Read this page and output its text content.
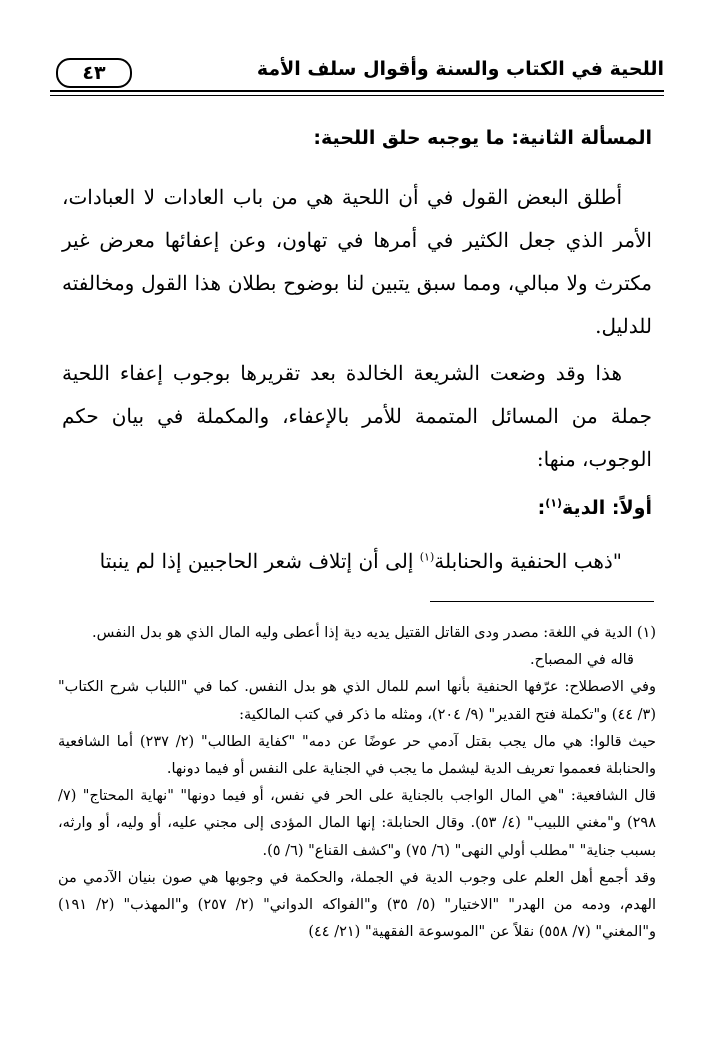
اللحية في الكتاب والسنة وأقوال سلف الأمة
٤٣
المسألة الثانية: ما يوجبه حلق اللحية:
أطلق البعض القول في أن اللحية هي من باب العادات لا العبادات، الأمر الذي جعل الكثير في أمرها في تهاون، وعن إعفائها معرض غير مكترث ولا مبالي، ومما سبق يتبين لنا بوضوح بطلان هذا القول ومخالفته للدليل.
هذا وقد وضعت الشريعة الخالدة بعد تقريرها بوجوب إعفاء اللحية جملة من المسائل المتممة للأمر بالإعفاء، والمكملة في بيان حكم الوجوب، منها:
أولاً: الدية$^{(١)}$:
"ذهب الحنفية والحنابلة$^{(١)}$ إلى أن إتلاف شعر الحاجبين إذا لم ينبتا

(١) الدية في اللغة: مصدر ودى القاتل القتيل يديه دية إذا أعطى وليه المال الذي هو بدل النفس.

قاله في المصباح.

وفي الاصطلاح: عرّفها الحنفية بأنها اسم للمال الذي هو بدل النفس. كما في "اللباب شرح الكتاب" (٣/ ٤٤) و"تكملة فتح القدير" (٩/ ٢٠٤)، ومثله ما ذكر في كتب المالكية:

حيث قالوا: هي مال يجب بقتل آدمي حر عوضًا عن دمه" "كفاية الطالب" (٢/ ٢٣٧) أما الشافعية والحنابلة فعمموا تعريف الدية ليشمل ما يجب في الجناية على النفس أو فيما دونها.

قال الشافعية: "هي المال الواجب بالجناية على الحر في نفس، أو فيما دونها" "نهاية المحتاج" (٧/ ٢٩٨) و"مغني اللبيب" (٤/ ٥٣). وقال الحنابلة: إنها المال المؤدى إلى مجني عليه، أو وليه، أو وارثه، بسبب جناية" "مطلب أولي النهى" (٦/ ٧٥) و"كشف القناع" (٦/ ٥).

وقد أجمع أهل العلم على وجوب الدية في الجملة، والحكمة في وجوبها هي صون بنيان الآدمي من الهدم، ودمه من الهدر" "الاختيار" (٥/ ٣٥) و"الفواكه الدواني" (٢/ ٢٥٧) و"المهذب" (٢/ ١٩١) و"المغني" (٧/ ٥٥٨) نقلاً عن "الموسوعة الفقهية" (٢١/ ٤٤)
